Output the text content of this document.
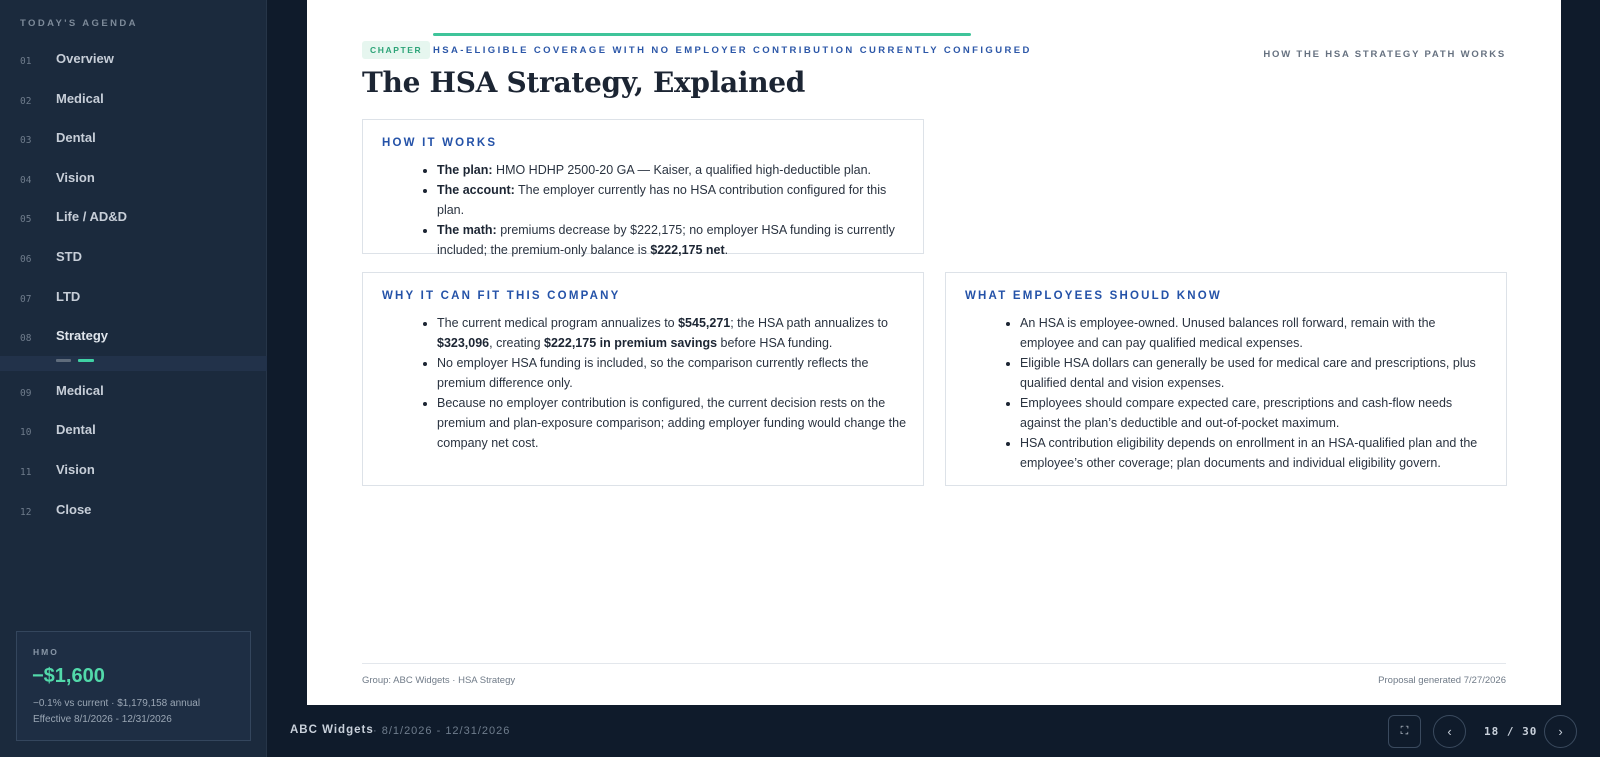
TODAY'S AGENDA
01 Overview
02 Medical
03 Dental
04 Vision
05 Life / AD&D
06 STD
07 LTD
08 Strategy
09 Medical
10 Dental
11 Vision
12 Close
HMO
−$1,600
−0.1% vs current · $1,179,158 annual
Effective 8/1/2026 - 12/31/2026
CHAPTER	HSA-ELIGIBLE COVERAGE WITH NO EMPLOYER CONTRIBUTION CURRENTLY CONFIGURED	HOW THE HSA STRATEGY PATH WORKS
The HSA Strategy, Explained
HOW IT WORKS
• The plan: HMO HDHP 2500-20 GA — Kaiser, a qualified high-deductible plan.
• The account: The employer currently has no HSA contribution configured for this plan.
• The math: premiums decrease by $222,175; no employer HSA funding is currently included; the premium-only balance is $222,175 net.
WHY IT CAN FIT THIS COMPANY
• The current medical program annualizes to $545,271; the HSA path annualizes to $323,096, creating $222,175 in premium savings before HSA funding.
• No employer HSA funding is included, so the comparison currently reflects the premium difference only.
• Because no employer contribution is configured, the current decision rests on the premium and plan-exposure comparison; adding employer funding would change the company net cost.
WHAT EMPLOYEES SHOULD KNOW
• An HSA is employee-owned. Unused balances roll forward, remain with the employee and can pay qualified medical expenses.
• Eligible HSA dollars can generally be used for medical care and prescriptions, plus qualified dental and vision expenses.
• Employees should compare expected care, prescriptions and cash-flow needs against the plan’s deductible and out-of-pocket maximum.
• HSA contribution eligibility depends on enrollment in an HSA-qualified plan and the employee’s other coverage; plan documents and individual eligibility govern.
Group: ABC Widgets · HSA Strategy	Proposal generated 7/27/2026
ABC Widgets · 8/1/2026 - 12/31/2026	⛶	‹	18 / 30	›
